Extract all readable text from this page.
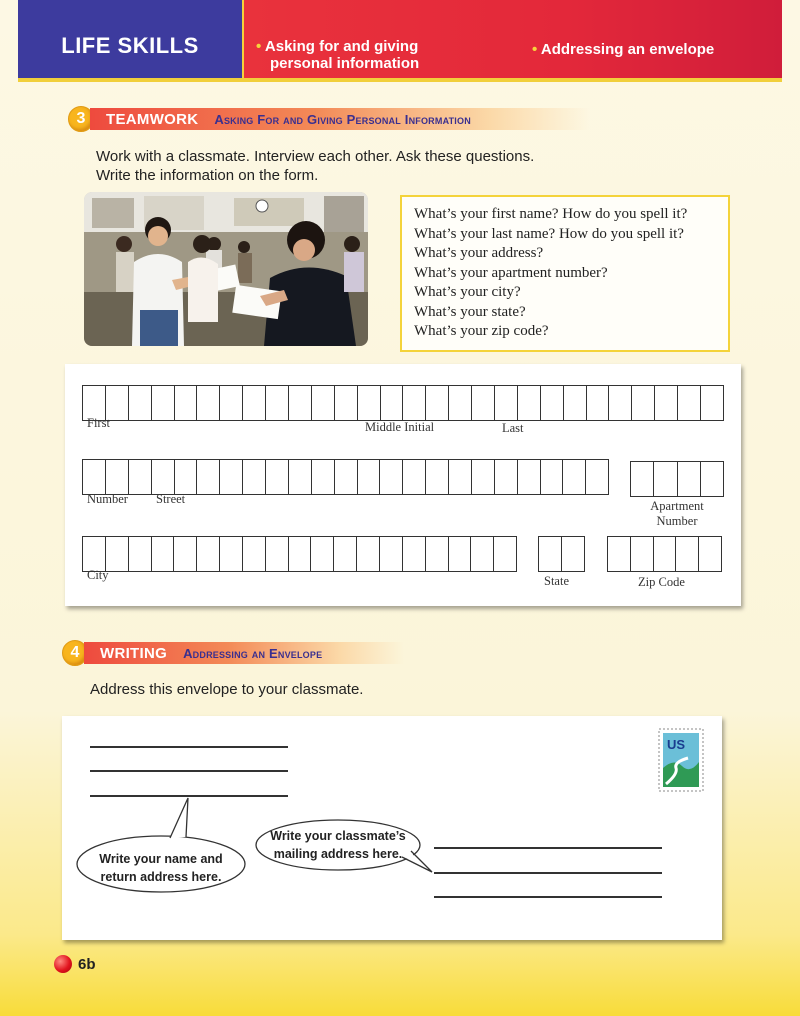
LIFE SKILLS	• Asking for and giving
personal information
• Addressing an envelope
3	TEAMWORK Asking For and Giving Personal Information
Work with a classmate. Interview each other. Ask these questions.
Write the information on the form.
What’s your first name? How do you spell it?
What’s your last name? How do you spell it?
What’s your address?
What’s your apartment number?
What’s your city?
What’s your state?
What’s your zip code?
First	Middle Initial	Last
Number Street	Apartment
Number
City	State	Zip Code
4	WRITING Addressing an Envelope
Address this envelope to your classmate.
US
Write your name and
return address here.
Write your classmate’s
mailing address here.
6b
